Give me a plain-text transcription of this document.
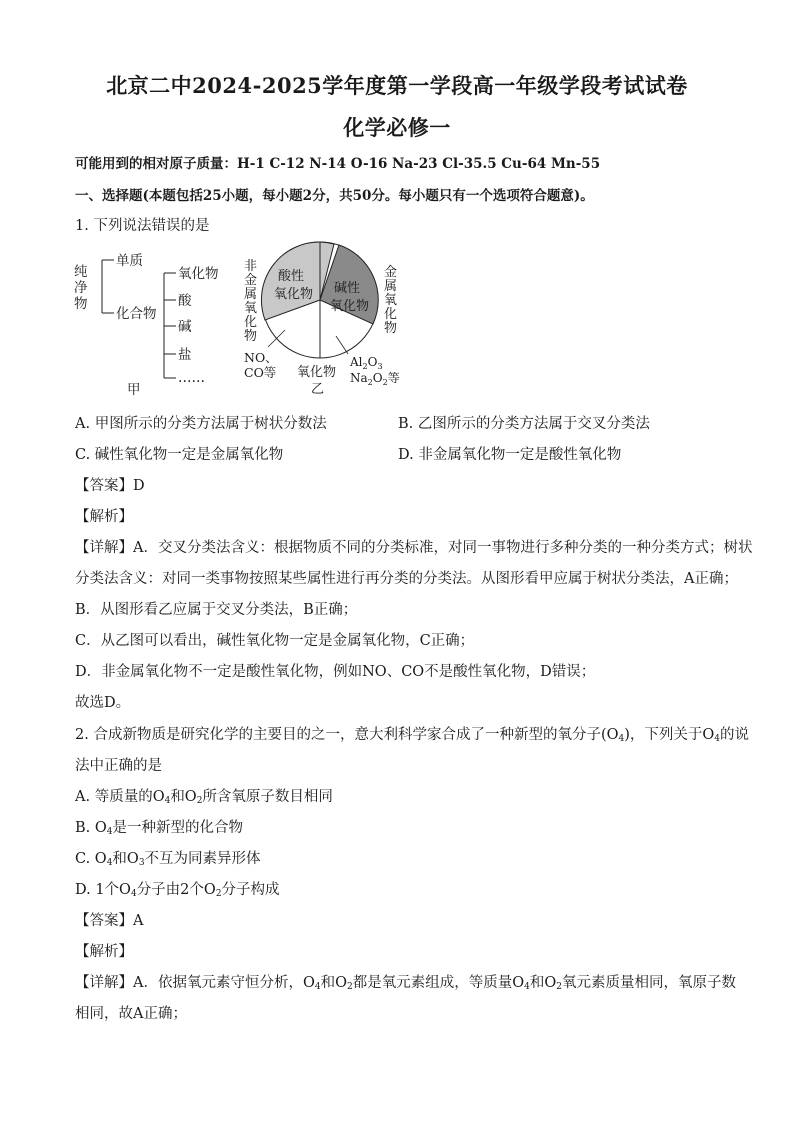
北京二中2024-2025学年度第一学段高一年级学段考试试卷
化学必修一
可能用到的相对原子质量：H-1 C-12 N-14 O-16 Na-23 Cl-35.5 Cu-64 Mn-55
一、选择题(本题包括25小题，每小题2分，共50分。每小题只有一个选项符合题意)。
1. 下列说法错误的是
纯
净
物
单质
化合物
氧化物
酸
碱
盐
……
甲
非
金
属
氧
化
物
金
属
氧
化
物
酸性
氧化物 碱性
氧化物
NO、
CO等 氧化物
乙
$Al_2O_3$
$Na_2O_2$等
A. 甲图所示的分类方法属于树状分数法	B. 乙图所示的分类方法属于交叉分类法
C. 碱性氧化物一定是金属氧化物	D. 非金属氧化物一定是酸性氧化物
【答案】D
【解析】
【详解】A．交叉分类法含义：根据物质不同的分类标准，对同一事物进行多种分类的一种分类方式；树状
分类法含义：对同一类事物按照某些属性进行再分类的分类法。从图形看甲应属于树状分类法，A正确；
B．从图形看乙应属于交叉分类法，B正确；
C．从乙图可以看出，碱性氧化物一定是金属氧化物，C正确；
D．非金属氧化物不一定是酸性氧化物，例如NO、CO不是酸性氧化物，D错误；
故选D。
2. 合成新物质是研究化学的主要目的之一，意大利科学家合成了一种新型的氧分子$(O_4)$，下列关于$O_4$的说
法中正确的是
A. 等质量的$O_4$和$O_2$所含氧原子数目相同
B. $O_4$是一种新型的化合物
C. $O_4$和$O_3$不互为同素异形体
D. 1个$O_4$分子由2个$O_2$分子构成
【答案】A
【解析】
【详解】A．依据氧元素守恒分析，$O_4$和$O_2$都是氧元素组成，等质量$O_4$和$O_2$氧元素质量相同，氧原子数
相同，故A正确；
